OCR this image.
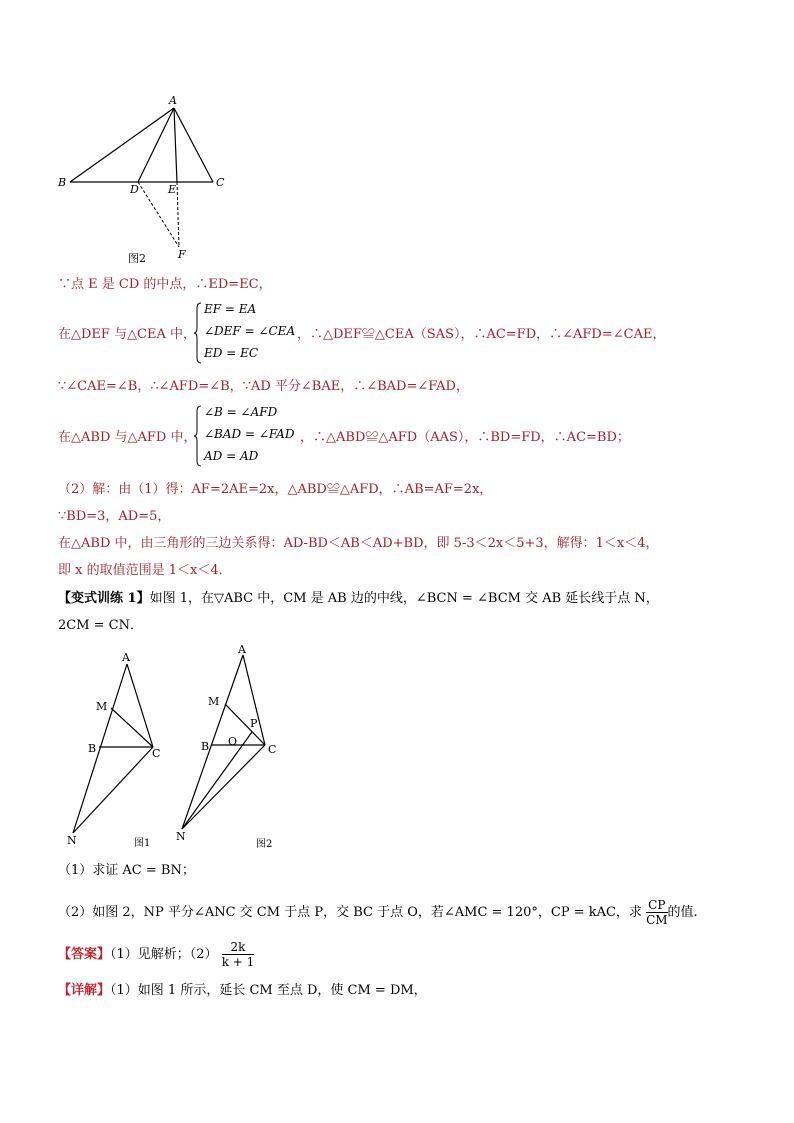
A
B	C
D	E
F
图2
∵点 E 是 CD 的中点，∴ED=EC，
在△DEF 与△CEA 中，
EF = EA
∠DEF = ∠CEA
ED = EC
，∴△DEF≌△CEA（SAS），∴AC=FD，∴∠AFD=∠CAE，
∵∠CAE=∠B，∴∠AFD=∠B，∵AD 平分∠BAE，∴∠BAD=∠FAD，
在△ABD 与△AFD 中，
∠B = ∠AFD
∠BAD = ∠FAD
AD = AD
，∴△ABD≌△AFD（AAS），∴BD=FD，∴AC=BD；
（2）解：由（1）得：AF=2AE=2x，△ABD≌△AFD，∴AB=AF=2x，
∵BD=3，AD=5，
在△ABD 中，由三角形的三边关系得：AD-BD＜AB＜AD+BD，即 5-3＜2x＜5+3，解得：1＜x＜4，
即 x 的取值范围是 1＜x＜4．
【变式训练 1】如图 1，在▽ABC 中，CM 是 AB 边的中线，∠BCN = ∠BCM 交 AB 延长线于点 N，
2CM = CN．
A
M
B	C
N	图1
A
M
P
B O
C
N
图2
（1）求证 AC = BN；
（2）如图 2，NP 平分∠ANC 交 CM 于点 P，交 BC 于点 O，若∠AMC = 120°，CP = kAC，求 $\frac{CP}{CM}$ 的值.
【答案】（1）见解析；$(2) \frac{2k}{k + 1}$
【详解】（1）如图 1 所示，延长 CM 至点 D，使 CM = DM，
